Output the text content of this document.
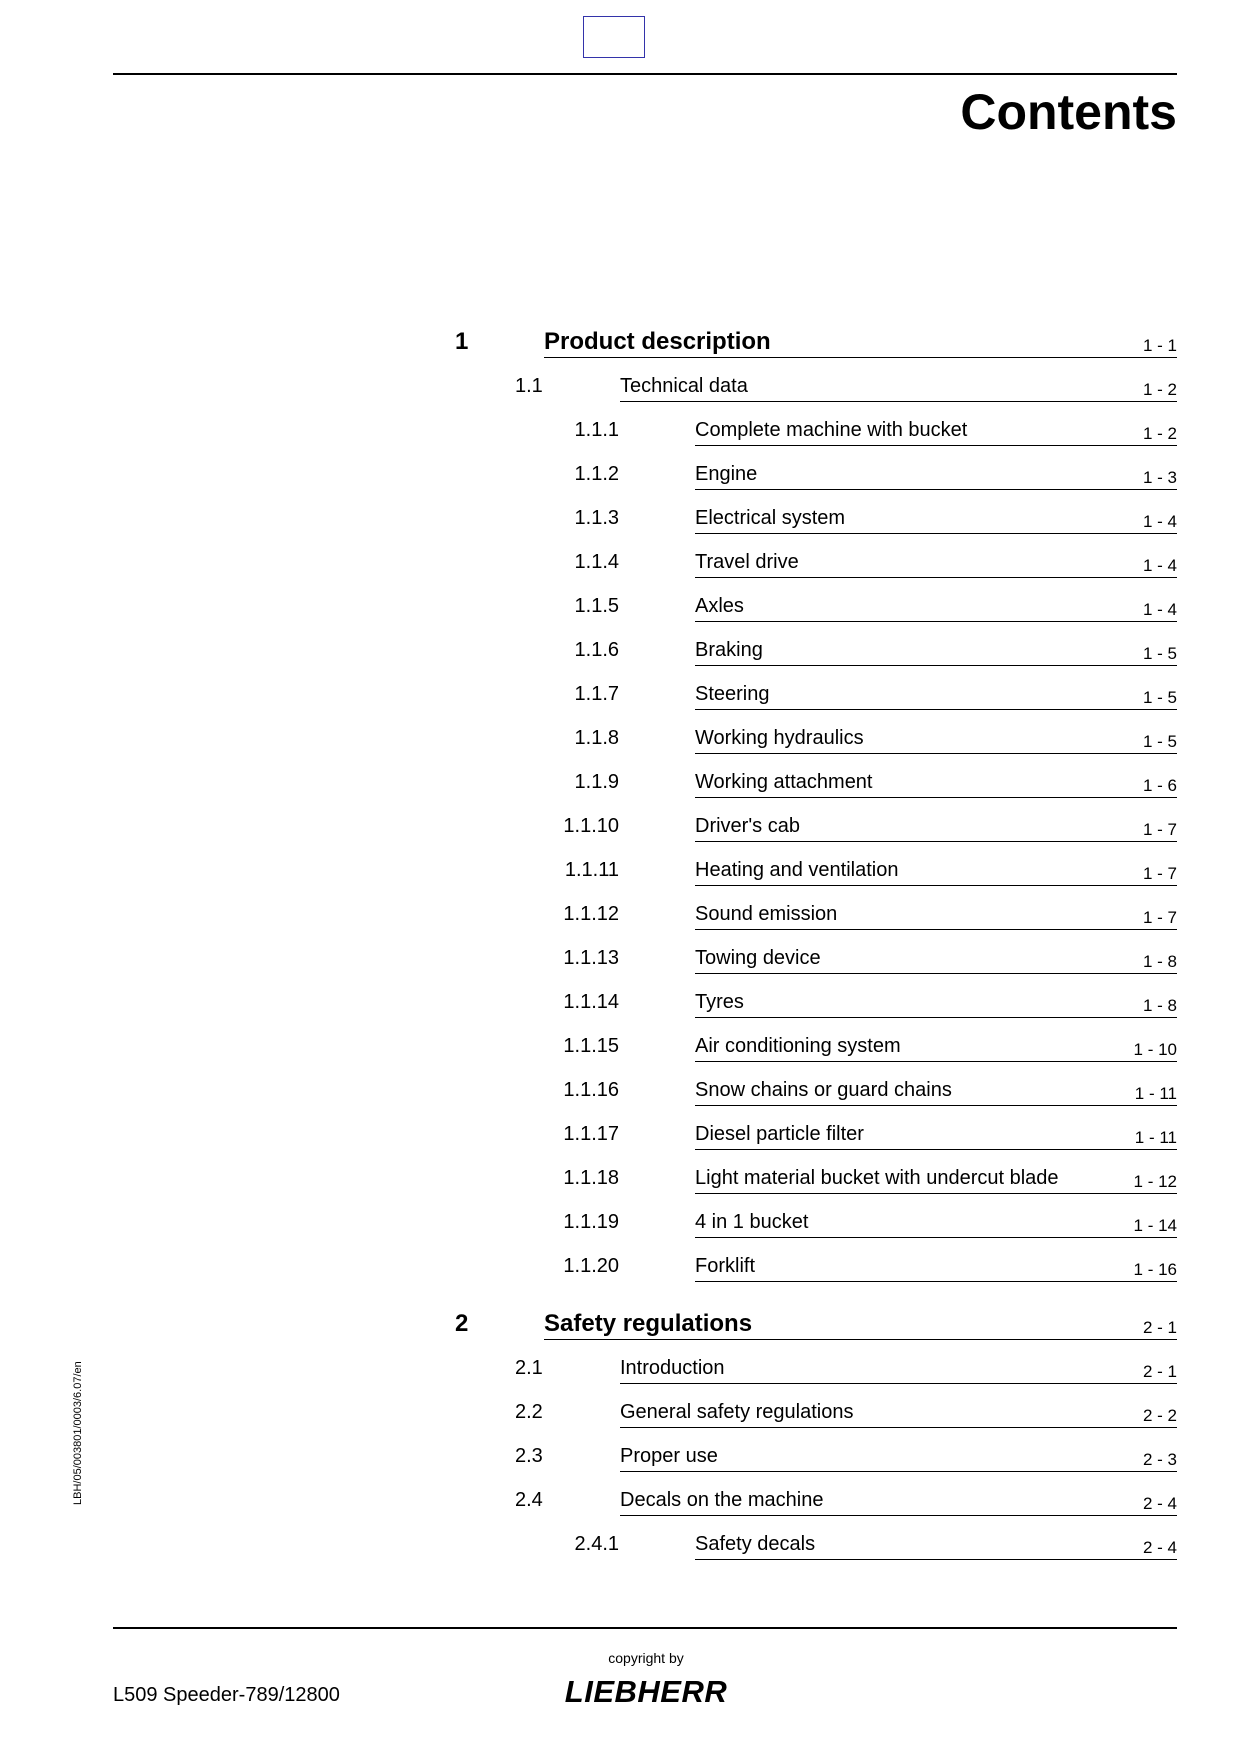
Contents
1	Product description	1 - 1
1.1	Technical data	1 - 2
1.1.1	Complete machine with bucket	1 - 2
1.1.2	Engine	1 - 3
1.1.3	Electrical system	1 - 4
1.1.4	Travel drive	1 - 4
1.1.5	Axles	1 - 4
1.1.6	Braking	1 - 5
1.1.7	Steering	1 - 5
1.1.8	Working hydraulics	1 - 5
1.1.9	Working attachment	1 - 6
1.1.10	Driver's cab	1 - 7
1.1.11	Heating and ventilation	1 - 7
1.1.12	Sound emission	1 - 7
1.1.13	Towing device	1 - 8
1.1.14	Tyres	1 - 8
1.1.15	Air conditioning system	1 - 10
1.1.16	Snow chains or guard chains	1 - 11
1.1.17	Diesel particle filter	1 - 11
1.1.18	Light material bucket with undercut blade	1 - 12
1.1.19	4 in 1 bucket	1 - 14
1.1.20	Forklift	1 - 16
2	Safety regulations	2 - 1
2.1	Introduction	2 - 1
2.2	General safety regulations	2 - 2
2.3	Proper use	2 - 3
2.4	Decals on the machine	2 - 4
2.4.1	Safety decals	2 - 4
LBH/05/003801/0003/6.07/en
copyright by
LIEBHERR
L509 Speeder-789/12800
